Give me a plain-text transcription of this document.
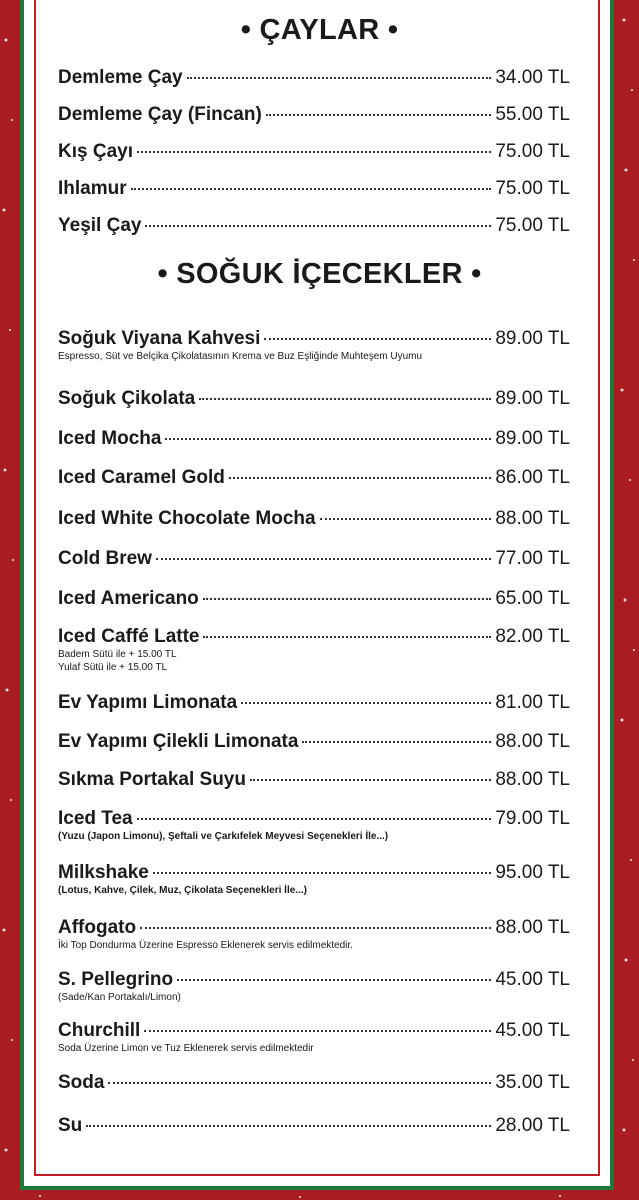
• ÇAYLAR •
Demleme Çay	34.00 TL
Demleme Çay (Fincan)	55.00 TL
Kış Çayı	75.00 TL
Ihlamur	75.00 TL
Yeşil Çay	75.00 TL
• SOĞUK İÇECEKLER •
Soğuk Viyana Kahvesi	89.00 TL
Espresso, Süt ve Belçika Çikolatasının Krema ve Buz Eşliğinde Muhteşem Uyumu
Soğuk Çikolata	89.00 TL
Iced Mocha	89.00 TL
Iced Caramel Gold	86.00 TL
Iced White Chocolate Mocha	88.00 TL
Cold Brew	77.00 TL
Iced Americano	65.00 TL
Iced Caffé Latte	82.00 TL
Badem Sütü ile + 15.00 TL
Yulaf Sütü ile + 15.00 TL
Ev Yapımı Limonata	81.00 TL
Ev Yapımı Çilekli Limonata	88.00 TL
Sıkma Portakal Suyu	88.00 TL
Iced Tea	79.00 TL
(Yuzu (Japon Limonu), Şeftali ve Çarkıfelek Meyvesi Seçenekleri İle...)
Milkshake	95.00 TL
(Lotus, Kahve, Çilek, Muz, Çikolata Seçenekleri İle...)
Affogato	88.00 TL
İki Top Dondurma Üzerine Espresso Eklenerek servis edilmektedir.
S. Pellegrino	45.00 TL
(Sade/Kan Portakalı/Limon)
Churchill	45.00 TL
Soda Üzerine Limon ve Tuz Eklenerek servis edilmektedir
Soda	35.00 TL
Su	28.00 TL
